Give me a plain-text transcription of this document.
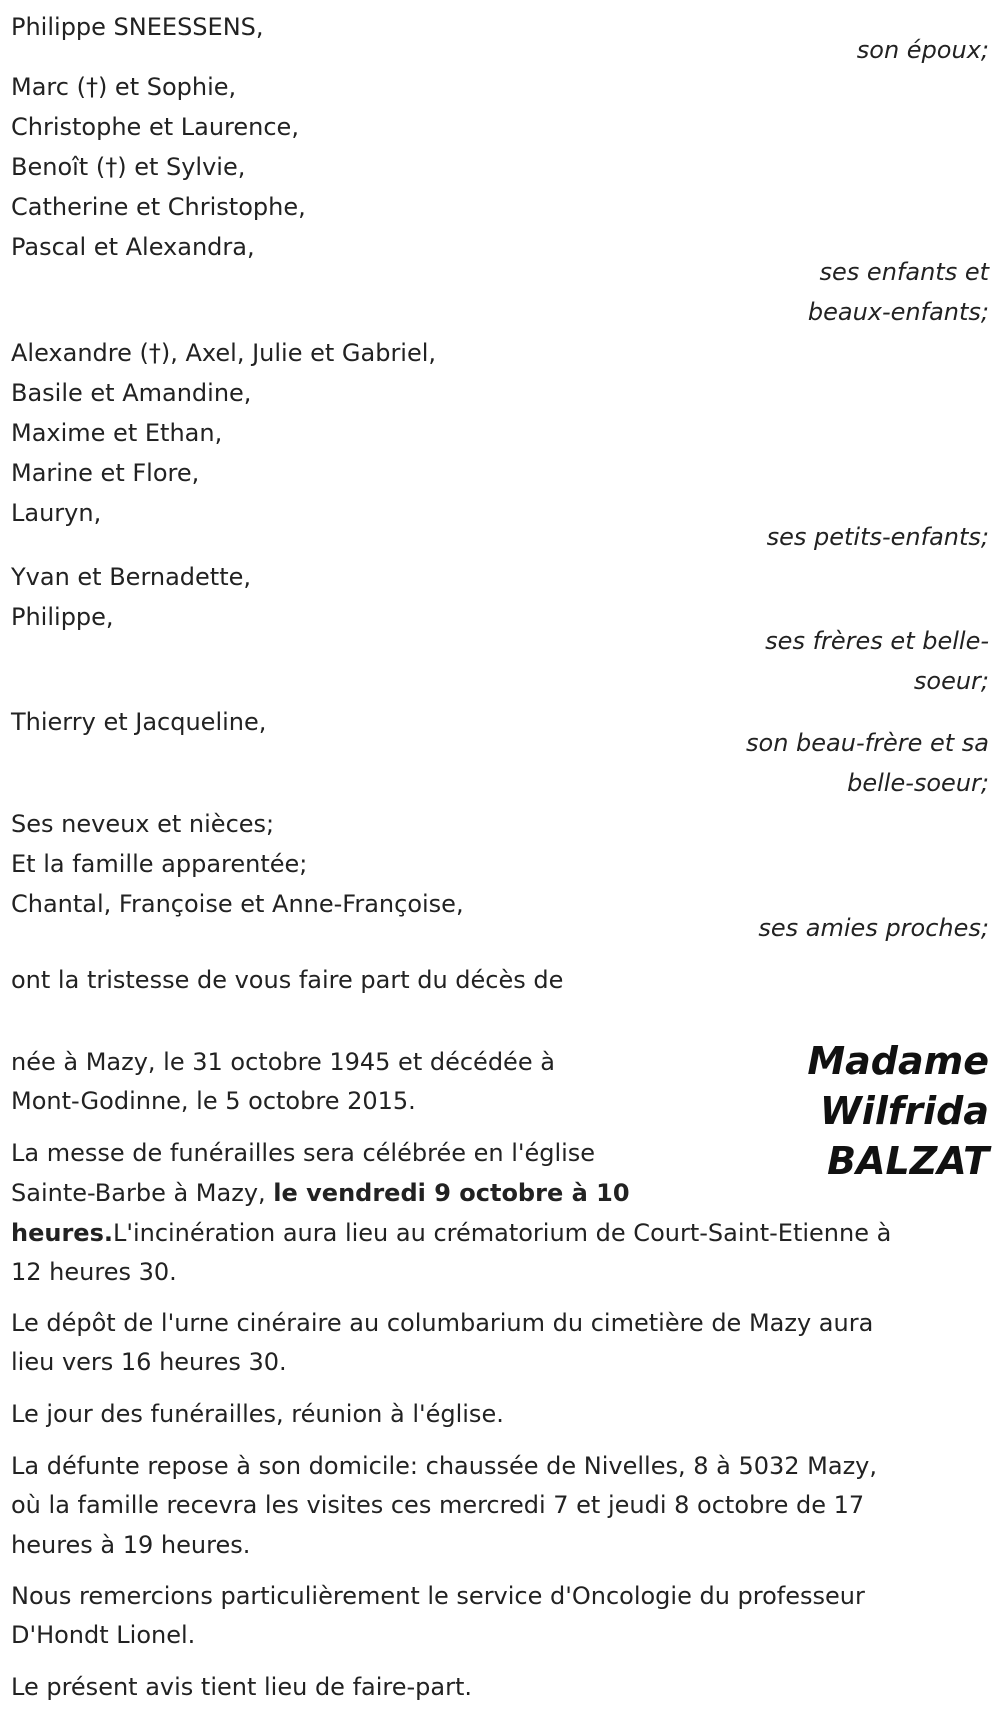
Philippe SNEESSENS,
son époux;
Marc (†) et Sophie,
Christophe et Laurence,
Benoît (†) et Sylvie,
Catherine et Christophe,
Pascal et Alexandra,
ses enfants et
beaux-enfants;
Alexandre (†), Axel, Julie et Gabriel,
Basile et Amandine,
Maxime et Ethan,
Marine et Flore,
Lauryn,
ses petits-enfants;
Yvan et Bernadette,
Philippe,
ses frères et belle-
soeur;
Thierry et Jacqueline,
son beau-frère et sa
belle-soeur;
Ses neveux et nièces;
Et la famille apparentée;
Chantal, Françoise et Anne-Françoise,
ses amies proches;
ont la tristesse de vous faire part du décès de
Madame
Wilfrida
BALZAT
née à Mazy, le 31 octobre 1945 et décédée à
Mont-Godinne, le 5 octobre 2015.
La messe de funérailles sera célébrée en l'église
Sainte-Barbe à Mazy, le vendredi 9 octobre à 10
heures.L'incinération aura lieu au crématorium de Court-Saint-Etienne à
12 heures 30.
Le dépôt de l'urne cinéraire au columbarium du cimetière de Mazy aura
lieu vers 16 heures 30.
Le jour des funérailles, réunion à l'église.
La défunte repose à son domicile: chaussée de Nivelles, 8 à 5032 Mazy,
où la famille recevra les visites ces mercredi 7 et jeudi 8 octobre de 17
heures à 19 heures.
Nous remercions particulièrement le service d'Oncologie du professeur
D'Hondt Lionel.
Le présent avis tient lieu de faire-part.
